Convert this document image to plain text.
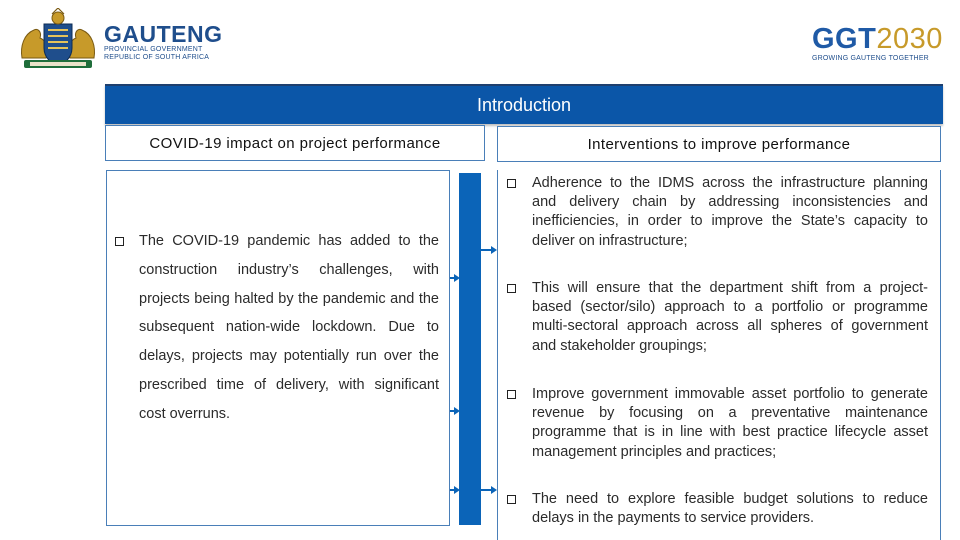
GAUTENG
PROVINCIAL GOVERNMENT
REPUBLIC OF SOUTH AFRICA
GGT2030
GROWING GAUTENG TOGETHER
Introduction
COVID-19 impact on project performance	Interventions to improve performance
The COVID-19 pandemic has added to the construction industry’s challenges, with projects being halted by the pandemic and the subsequent nation-wide lockdown. Due to delays, projects may potentially run over the prescribed time of delivery, with significant cost overruns.
Adherence to the IDMS across the infrastructure planning and delivery chain by addressing inconsistencies and inefficiencies, in order to improve the State’s capacity to deliver on infrastructure;
This will ensure that the department shift from a project-based (sector/silo) approach to a portfolio or programme multi-sectoral approach across all spheres of government and stakeholder groupings;
Improve government immovable asset portfolio to generate revenue by focusing on a preventative maintenance programme that is in line with best practice lifecycle asset management principles and practices;
The need to explore feasible budget solutions to reduce delays in the payments to service providers.
